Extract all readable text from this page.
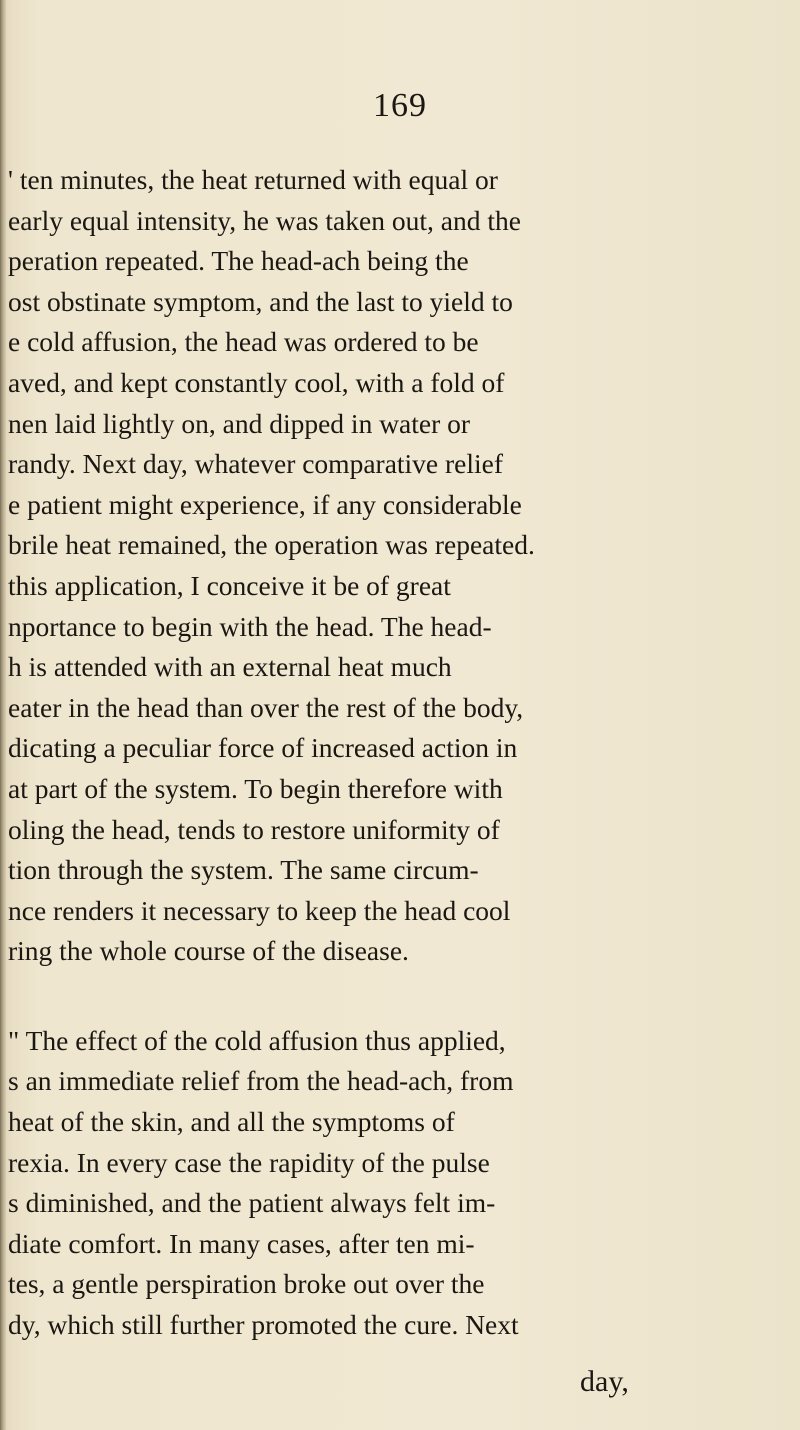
169
' ten minutes, the heat returned with equal or
early equal intensity, he was taken out, and the
peration repeated. The head-ach being the
ost obstinate symptom, and the last to yield to
e cold affusion, the head was ordered to be
aved, and kept constantly cool, with a fold of
nen laid lightly on, and dipped in water or
randy. Next day, whatever comparative relief
e patient might experience, if any considerable
brile heat remained, the operation was repeated.
this application, I conceive it be of great
nportance to begin with the head. The head-
h is attended with an external heat much
eater in the head than over the rest of the body,
dicating a peculiar force of increased action in
at part of the system. To begin therefore with
oling the head, tends to restore uniformity of
tion through the system. The same circum-
nce renders it necessary to keep the head cool
ring the whole course of the disease.
" The effect of the cold affusion thus applied,
s an immediate relief from the head-ach, from
heat of the skin, and all the symptoms of
rexia. In every case the rapidity of the pulse
s diminished, and the patient always felt im-
diate comfort. In many cases, after ten mi-
tes, a gentle perspiration broke out over the
dy, which still further promoted the cure. Next
day,
